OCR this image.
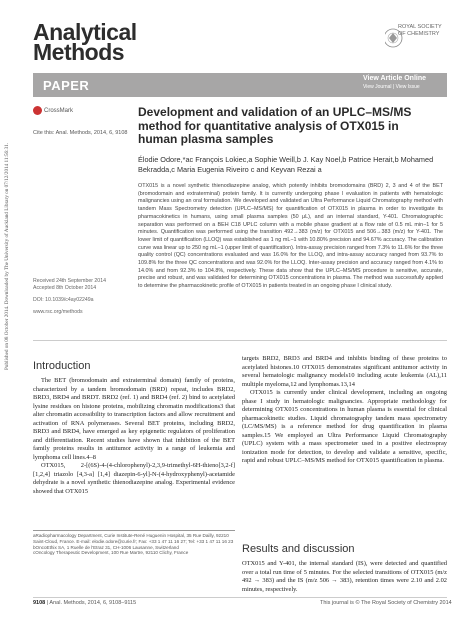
Analytical
Methods
ROYAL SOCIETY OF CHEMISTRY
PAPER	View Article Online
View Journal | View Issue
Published on 08 October 2014. Downloaded by The University of Auckland Library on 07/12/2014 11:56:31.
CrossMark
Cite this: Anal. Methods, 2014, 6, 9108
Development and validation of an UPLC–MS/MS method for quantitative analysis of OTX015 in human plasma samples
Élodie Odore,*ac François Lokiec,a Sophie Weill,b J. Kay Noel,b Patrice Herait,b Mohamed Bekradda,c Maria Eugenia Riveiro c and Keyvan Rezai a
OTX015 is a novel synthetic thienodiazepine analog, which potently inhibits bromodomains (BRD) 2, 3 and 4 of the BET (bromodomain and extraterminal) protein family. It is currently undergoing phase I evaluation in patients with hematologic malignancies using an oral formulation. We developed and validated an Ultra Performance Liquid Chromatography method with tandem Mass Spectrometry detection (UPLC–MS/MS) for quantification of OTX015 in plasma in order to investigate its pharmacokinetics in humans, using small plasma samples (50 μL), and an internal standard, Y-401. Chromatographic separation was performed on a BEH C18 UPLC column with a mobile phase gradient at a flow rate of 0.5 mL min−1 for 5 minutes. Quantification was performed using the transition 492→383 (m/z) for OTX015 and 506→383 (m/z) for Y-401. The lower limit of quantification (LLOQ) was established as 1 ng mL−1 with 10.80% precision and 94.67% accuracy. The calibration curve was linear up to 250 ng mL−1 (upper limit of quantification). Intra-assay precision ranged from 7.3% to 11.6% for the three quality control (QC) concentrations evaluated and was 16.0% for the LLOQ, and intra-assay accuracy ranged from 93.7% to 109.8% for the three QC concentrations and was 92.0% for the LLOQ. Inter-assay precision and accuracy ranged from 4.1% to 14.0% and from 92.3% to 104.8%, respectively. These data show that the UPLC–MS/MS procedure is sensitive, accurate, precise and robust, and was validated for determining OTX015 concentrations in plasma. The method was successfully applied to determine the pharmacokinetic profile of OTX015 in patients treated in an ongoing phase I clinical study.
Received 24th September 2014
Accepted 8th October 2014
DOI: 10.1039/c4ay02249a
www.rsc.org/methods
Introduction
The BET (bromodomain and extraterminal domain) family of proteins, characterized by a tandem bromodomain (BRD) repeat, includes BRD2, BRD3, BRD4 and BRDT. BRD2 (ref. 1) and BRD4 (ref. 2) bind to acetylated lysine residues on histone proteins, mobilizing chromatin modifications3 that alter chromatin accessibility to transcription factors and allow recruitment and activation of RNA polymerases. Several BET proteins, including BRD2, BRD3 and BRD4, have emerged as key epigenetic regulators of proliferation and differentiation. Recent studies have shown that inhibition of the BET family proteins results in antitumor activity in a range of leukemia and lymphoma cell lines.4–8
OTX015, 2-[(6S)-4-(4-chlorophenyl)-2,3,9-trimethyl-6H-thieno[3,2-f][1,2,4] triazolo [4,3-a] [1,4] diazepin-6-yl]-N-(4-hydroxyphenyl)-acetamide dehydrate is a novel synthetic thienodiazepine analog. Experimental evidence showed that OTX015
aRadiopharmacology Department, Curie Institute-René Huguenin Hospital, 35 Rue Dailly, 92210 Saint-Cloud, France. E-mail: elodie.odore@curie.fr; Fax: +33 1 47 11 16 27; Tel: +33 1 47 11 16 23
bOncoEthix SA, 1 Ruelle de l'Etraz 31, CH-1006 Lausanne, Switzerland
cOncology Therapeutic Development, 100 Rue Martre, 92110 Clichy, France
targets BRD2, BRD3 and BRD4 and inhibits binding of these proteins to acetylated histones.10 OTX015 demonstrates significant antitumor activity in several hematologic malignancy models10 including acute leukemia (AL),11 multiple myeloma,12 and lymphomas.13,14
OTX015 is currently under clinical development, including an ongoing phase I study in hematologic malignancies. Appropriate methodology for determining OTX015 concentrations in human plasma is essential for clinical pharmacokinetic studies. Liquid chromatography tandem mass spectrometry (LC/MS/MS) is a reference method for drug quantification in plasma samples.15 We employed an Ultra Performance Liquid Chromatography (UPLC) system with a mass spectrometer used in a positive electrospray ionization mode for detection, to develop and validate a sensitive, specific, rapid and robust UPLC–MS/MS method for OTX015 quantification in plasma.
Results and discussion
OTX015 and Y-401, the internal standard (IS), were detected and quantified over a total run time of 5 minutes. For the selected transitions of OTX015 (m/z 492 → 383) and the IS (m/z 506 → 383), retention times were 2.10 and 2.02 minutes, respectively.
9108 | Anal. Methods, 2014, 6, 9108–9115	This journal is © The Royal Society of Chemistry 2014
